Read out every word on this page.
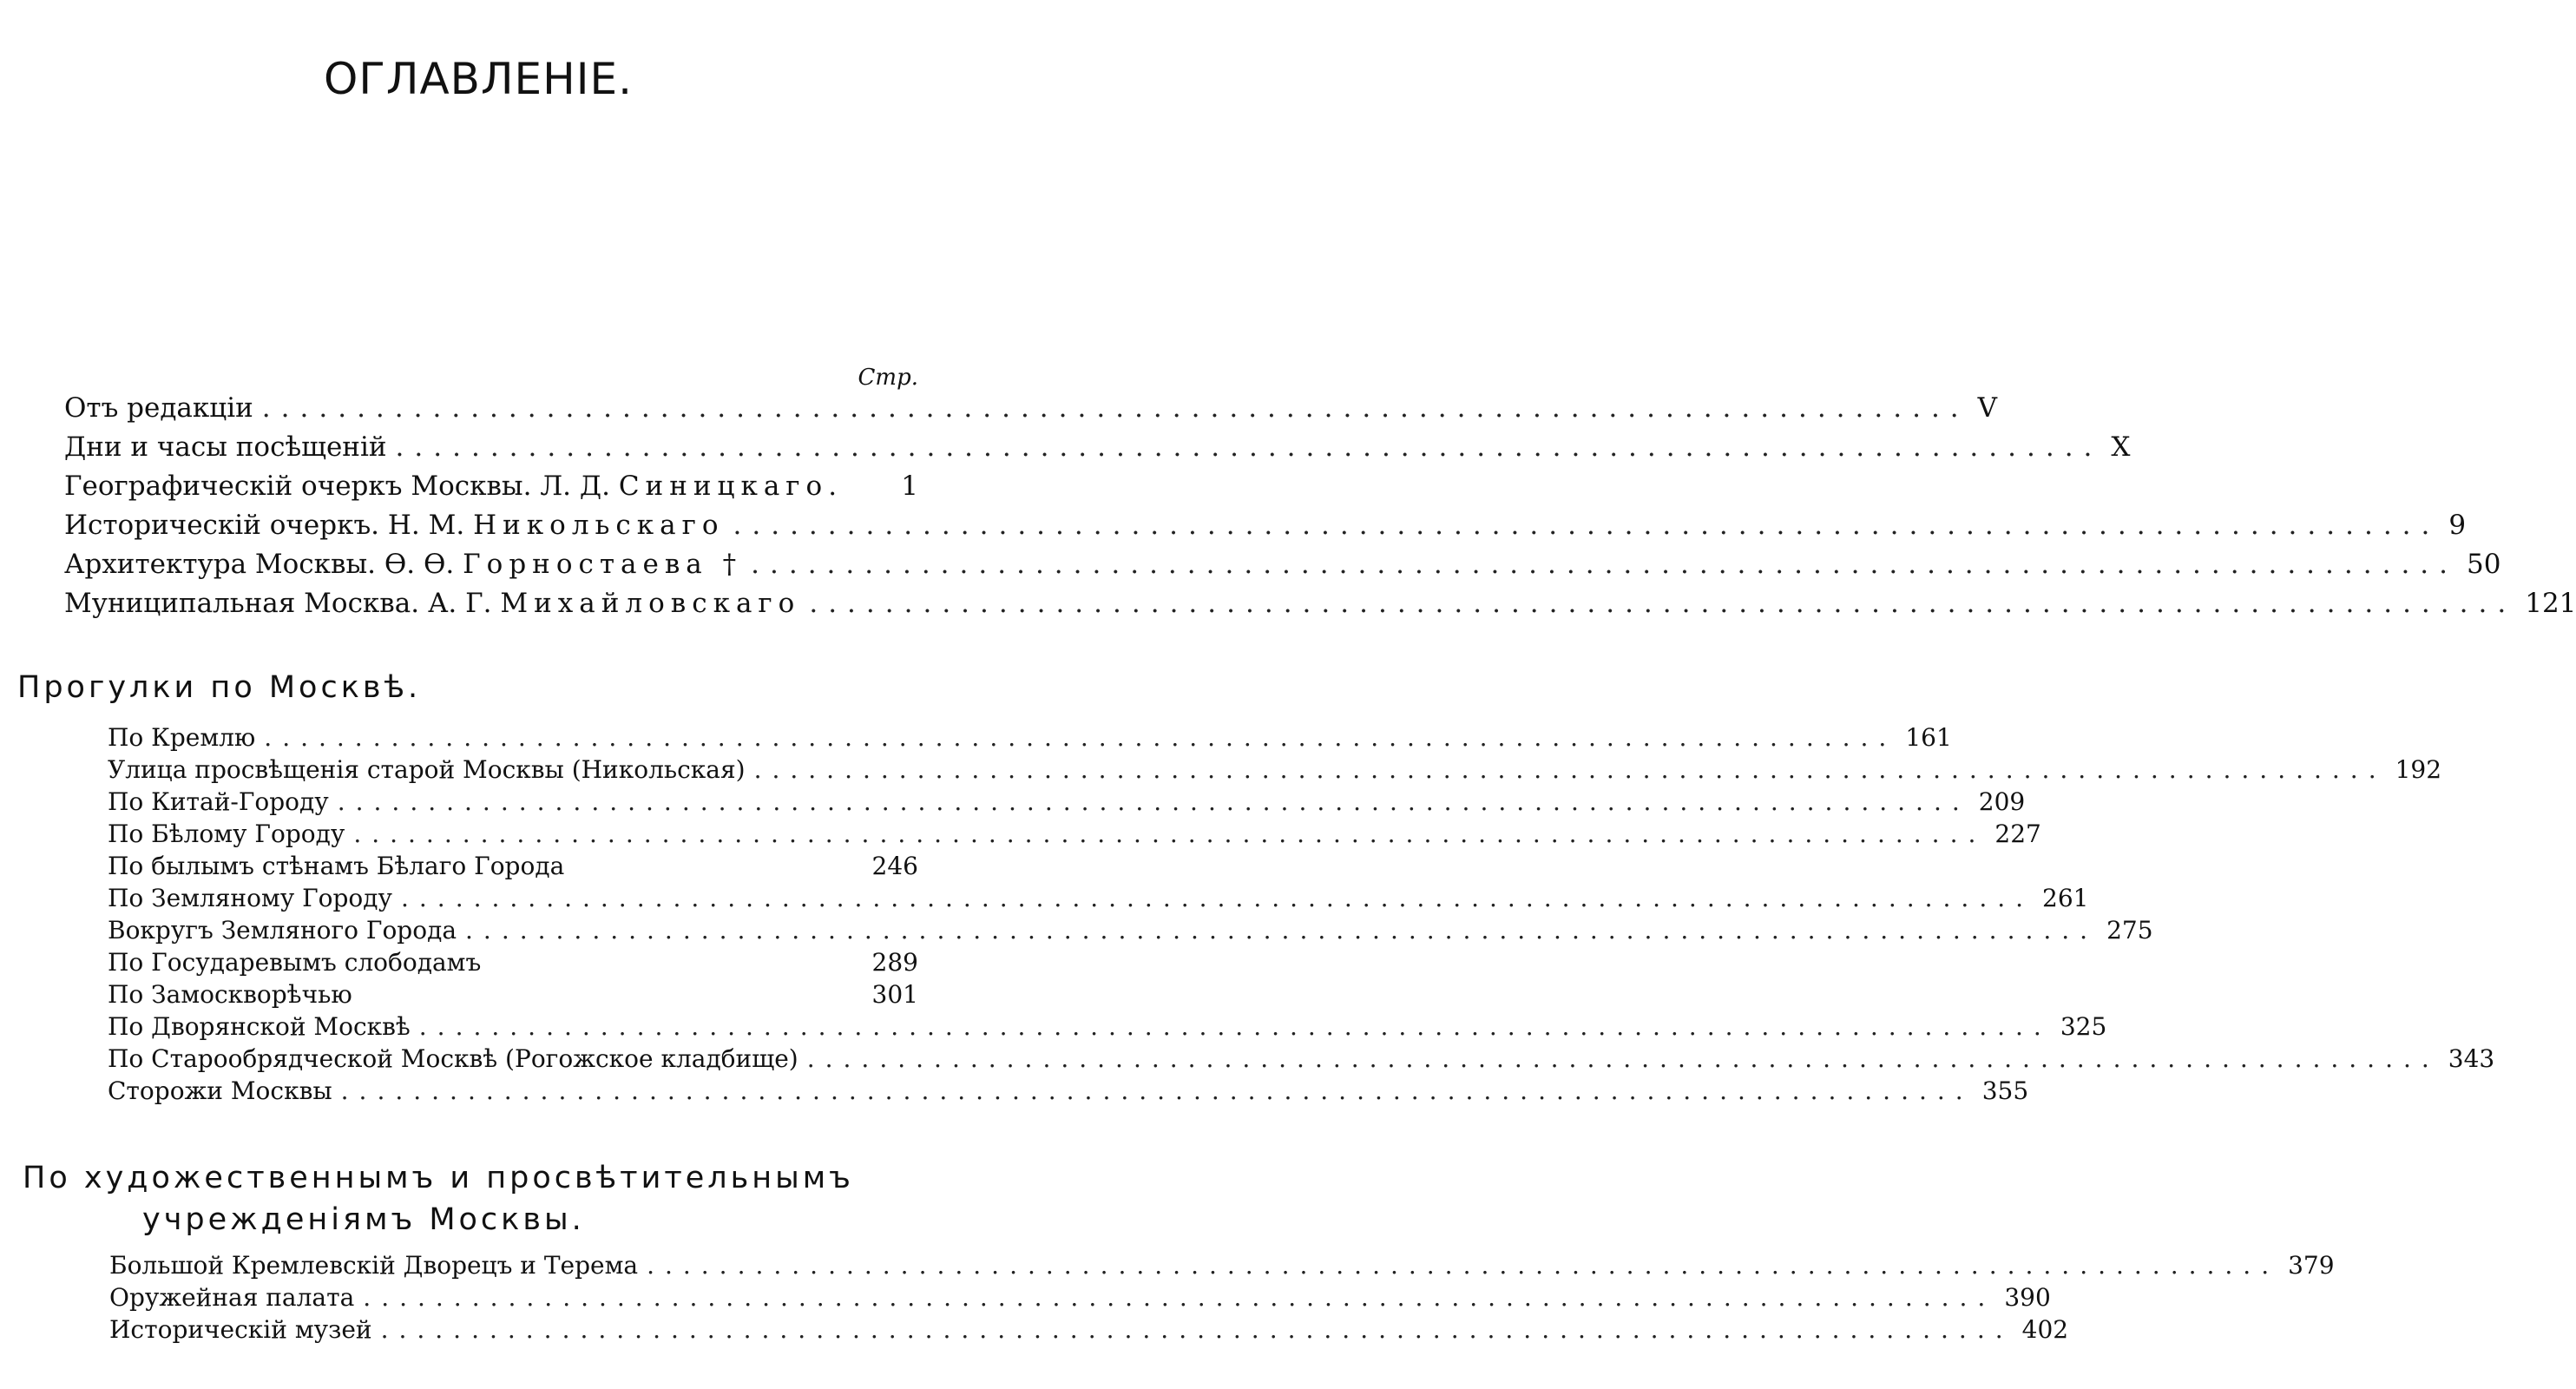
ОГЛАВЛЕНІЕ.
Стр.
Отъ редакціи .......................................................................................... V
Дни и часы посѣщеній .......................................................................................... X
Географическій очеркъ Москвы. Л. Д. Синицкаго. 1
Историческій очеркъ. Н. М. Никольскаго .......................................................................................... 9
Архитектура Москвы. Ѳ. Ѳ. Горностаева † .......................................................................................... 50
Муниципальная Москва. А. Г. Михайловскаго .......................................................................................... 121
Прогулки по Москвѣ.
По Кремлю .......................................................................................... 161
Улица просвѣщенія старой Москвы (Никольская) .......................................................................................... 192
По Китай-Городу .......................................................................................... 209
По Бѣлому Городу .......................................................................................... 227
По былымъ стѣнамъ Бѣлаго Города	246
По Земляному Городу .......................................................................................... 261
Вокругъ Земляного Города .......................................................................................... 275
По Государевымъ слободамъ	289
По Замоскворѣчью	301
По Дворянской Москвѣ .......................................................................................... 325
По Старообрядческой Москвѣ (Рогожское кладбище) .......................................................................................... 343
Сторожи Москвы .......................................................................................... 355
По художественнымъ и просвѣтительнымъ
учрежденіямъ Москвы.
Большой Кремлевскій Дворецъ и Терема .......................................................................................... 379
Оружейная палата .......................................................................................... 390
Историческій музей .......................................................................................... 402
